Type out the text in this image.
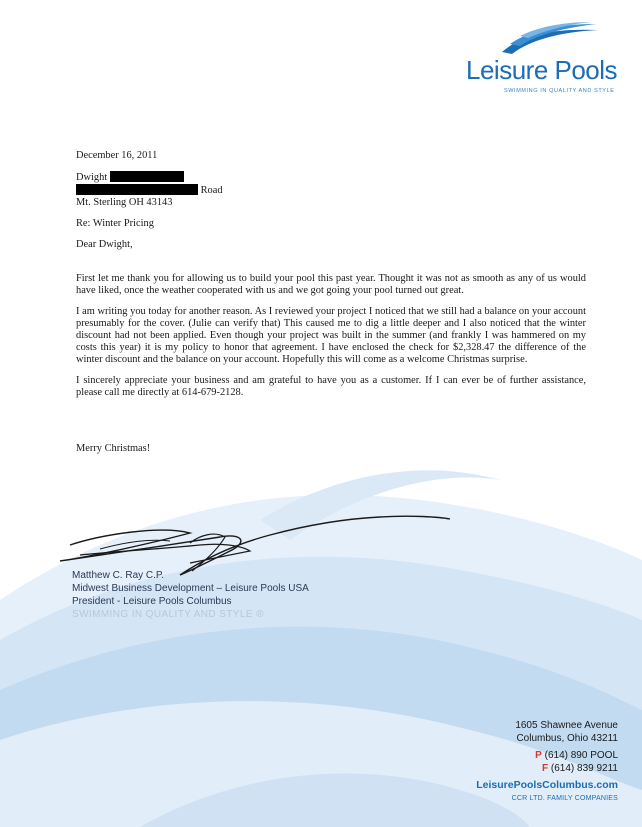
Leisure Pools
SWIMMING IN QUALITY AND STYLE

December 16, 2011

Dwight

Road

Mt. Sterling OH 43143

Re: Winter Pricing

Dear Dwight,

First let me thank you for allowing us to build your pool this past year. Thought it was not as smooth as any of us would have liked, once the weather cooperated with us and we got going your pool turned out great.

I am writing you today for another reason. As I reviewed your project I noticed that we still had a balance on your account presumably for the cover. (Julie can verify that) This caused me to dig a little deeper and I also noticed that the winter discount had not been applied. Even though your project was built in the summer (and frankly I was hammered on my costs this year) it is my policy to honor that agreement. I have enclosed the check for $2,328.47 the difference of the winter discount and the balance on your account. Hopefully this will come as a welcome Christmas surprise.

I sincerely appreciate your business and am grateful to have you as a customer. If I can ever be of further assistance, please call me directly at 614-679-2128.

Merry Christmas!

Matthew C. Ray C.P.
Midwest Business Development – Leisure Pools USA
President - Leisure Pools Columbus
SWIMMING IN QUALITY AND STYLE ®
1605 Shawnee Avenue
Columbus, Ohio 43211
P (614) 890 POOL
F (614) 839 9211
LeisurePoolsColumbus.com
CCR LTD. FAMILY COMPANIES
